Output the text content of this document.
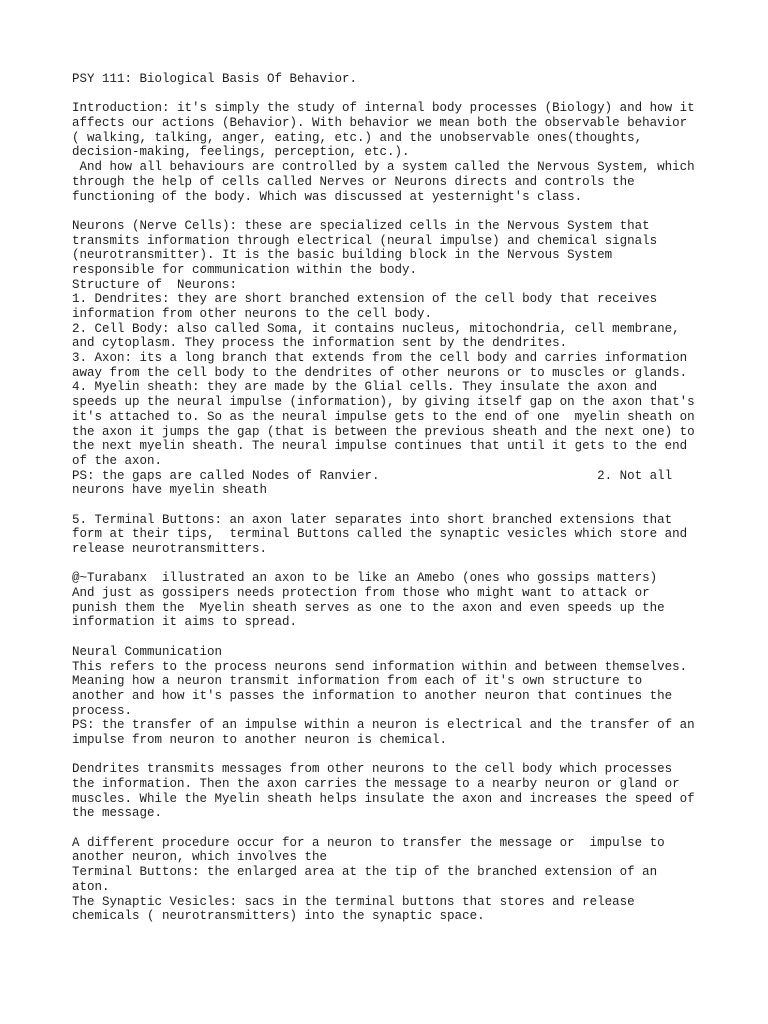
PSY 111: Biological Basis Of Behavior.
Introduction: it's simply the study of internal body processes (Biology) and how it
affects our actions (Behavior). With behavior we mean both the observable behavior
( walking, talking, anger, eating, etc.) and the unobservable ones(thoughts,
decision-making, feelings, perception, etc.).
And how all behaviours are controlled by a system called the Nervous System, which
through the help of cells called Nerves or Neurons directs and controls the
functioning of the body. Which was discussed at yesternight's class.
Neurons (Nerve Cells): these are specialized cells in the Nervous System that
transmits information through electrical (neural impulse) and chemical signals
(neurotransmitter). It is the basic building block in the Nervous System
responsible for communication within the body.
Structure of  Neurons:
1. Dendrites: they are short branched extension of the cell body that receives
information from other neurons to the cell body.
2. Cell Body: also called Soma, it contains nucleus, mitochondria, cell membrane,
and cytoplasm. They process the information sent by the dendrites.
3. Axon: its a long branch that extends from the cell body and carries information
away from the cell body to the dendrites of other neurons or to muscles or glands.
4. Myelin sheath: they are made by the Glial cells. They insulate the axon and
speeds up the neural impulse (information), by giving itself gap on the axon that's
it's attached to. So as the neural impulse gets to the end of one  myelin sheath on
the axon it jumps the gap (that is between the previous sheath and the next one) to
the next myelin sheath. The neural impulse continues that until it gets to the end
of the axon.
PS: the gaps are called Nodes of Ranvier.                             2. Not all
neurons have myelin sheath
5. Terminal Buttons: an axon later separates into short branched extensions that
form at their tips,  terminal Buttons called the synaptic vesicles which store and
release neurotransmitters.
@~Turabanx  illustrated an axon to be like an Amebo (ones who gossips matters)
And just as gossipers needs protection from those who might want to attack or
punish them the  Myelin sheath serves as one to the axon and even speeds up the
information it aims to spread.
Neural Communication
This refers to the process neurons send information within and between themselves.
Meaning how a neuron transmit information from each of it's own structure to
another and how it's passes the information to another neuron that continues the
process.
PS: the transfer of an impulse within a neuron is electrical and the transfer of an
impulse from neuron to another neuron is chemical.
Dendrites transmits messages from other neurons to the cell body which processes
the information. Then the axon carries the message to a nearby neuron or gland or
muscles. While the Myelin sheath helps insulate the axon and increases the speed of
the message.
A different procedure occur for a neuron to transfer the message or  impulse to
another neuron, which involves the
Terminal Buttons: the enlarged area at the tip of the branched extension of an
aton.
The Synaptic Vesicles: sacs in the terminal buttons that stores and release
chemicals ( neurotransmitters) into the synaptic space.
